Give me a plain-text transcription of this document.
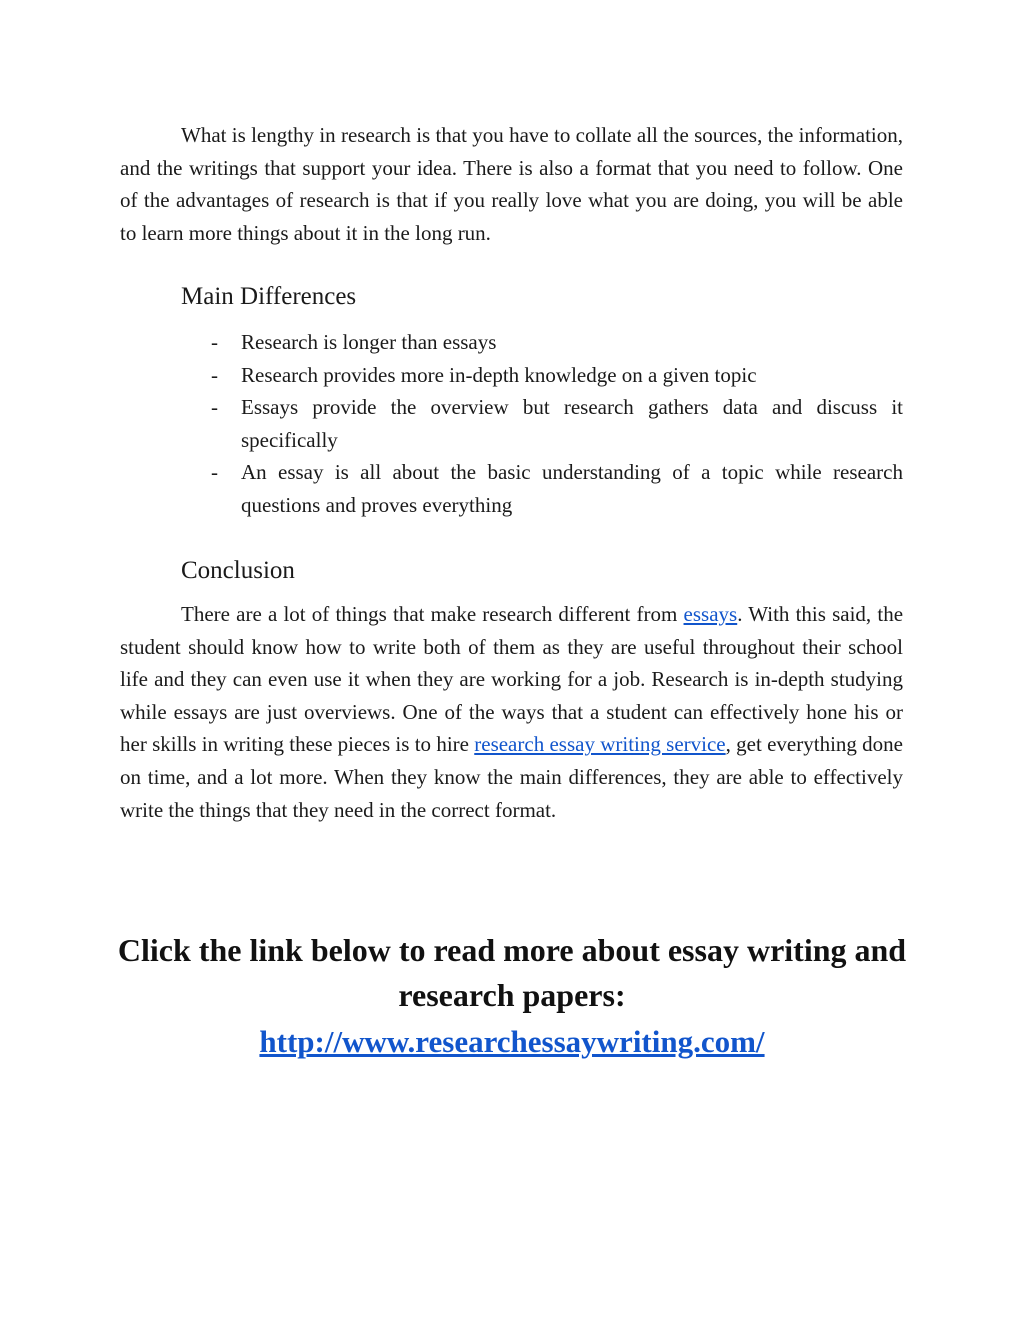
What is lengthy in research is that you have to collate all the sources, the information, and the writings that support your idea. There is also a format that you need to follow. One of the advantages of research is that if you really love what you are doing, you will be able to learn more things about it in the long run.

Main Differences
- Research is longer than essays
- Research provides more in-depth knowledge on a given topic
- Essays provide the overview but research gathers data and discuss it specifically
- An essay is all about the basic understanding of a topic while research questions and proves everything
Conclusion

There are a lot of things that make research different from essays. With this said, the student should know how to write both of them as they are useful throughout their school life and they can even use it when they are working for a job. Research is in-depth studying while essays are just overviews. One of the ways that a student can effectively hone his or her skills in writing these pieces is to hire research essay writing service, get everything done on time, and a lot more. When they know the main differences, they are able to effectively write the things that they need in the correct format.

Click the link below to read more about essay writing and research papers:
http://www.researchessaywriting.com/
